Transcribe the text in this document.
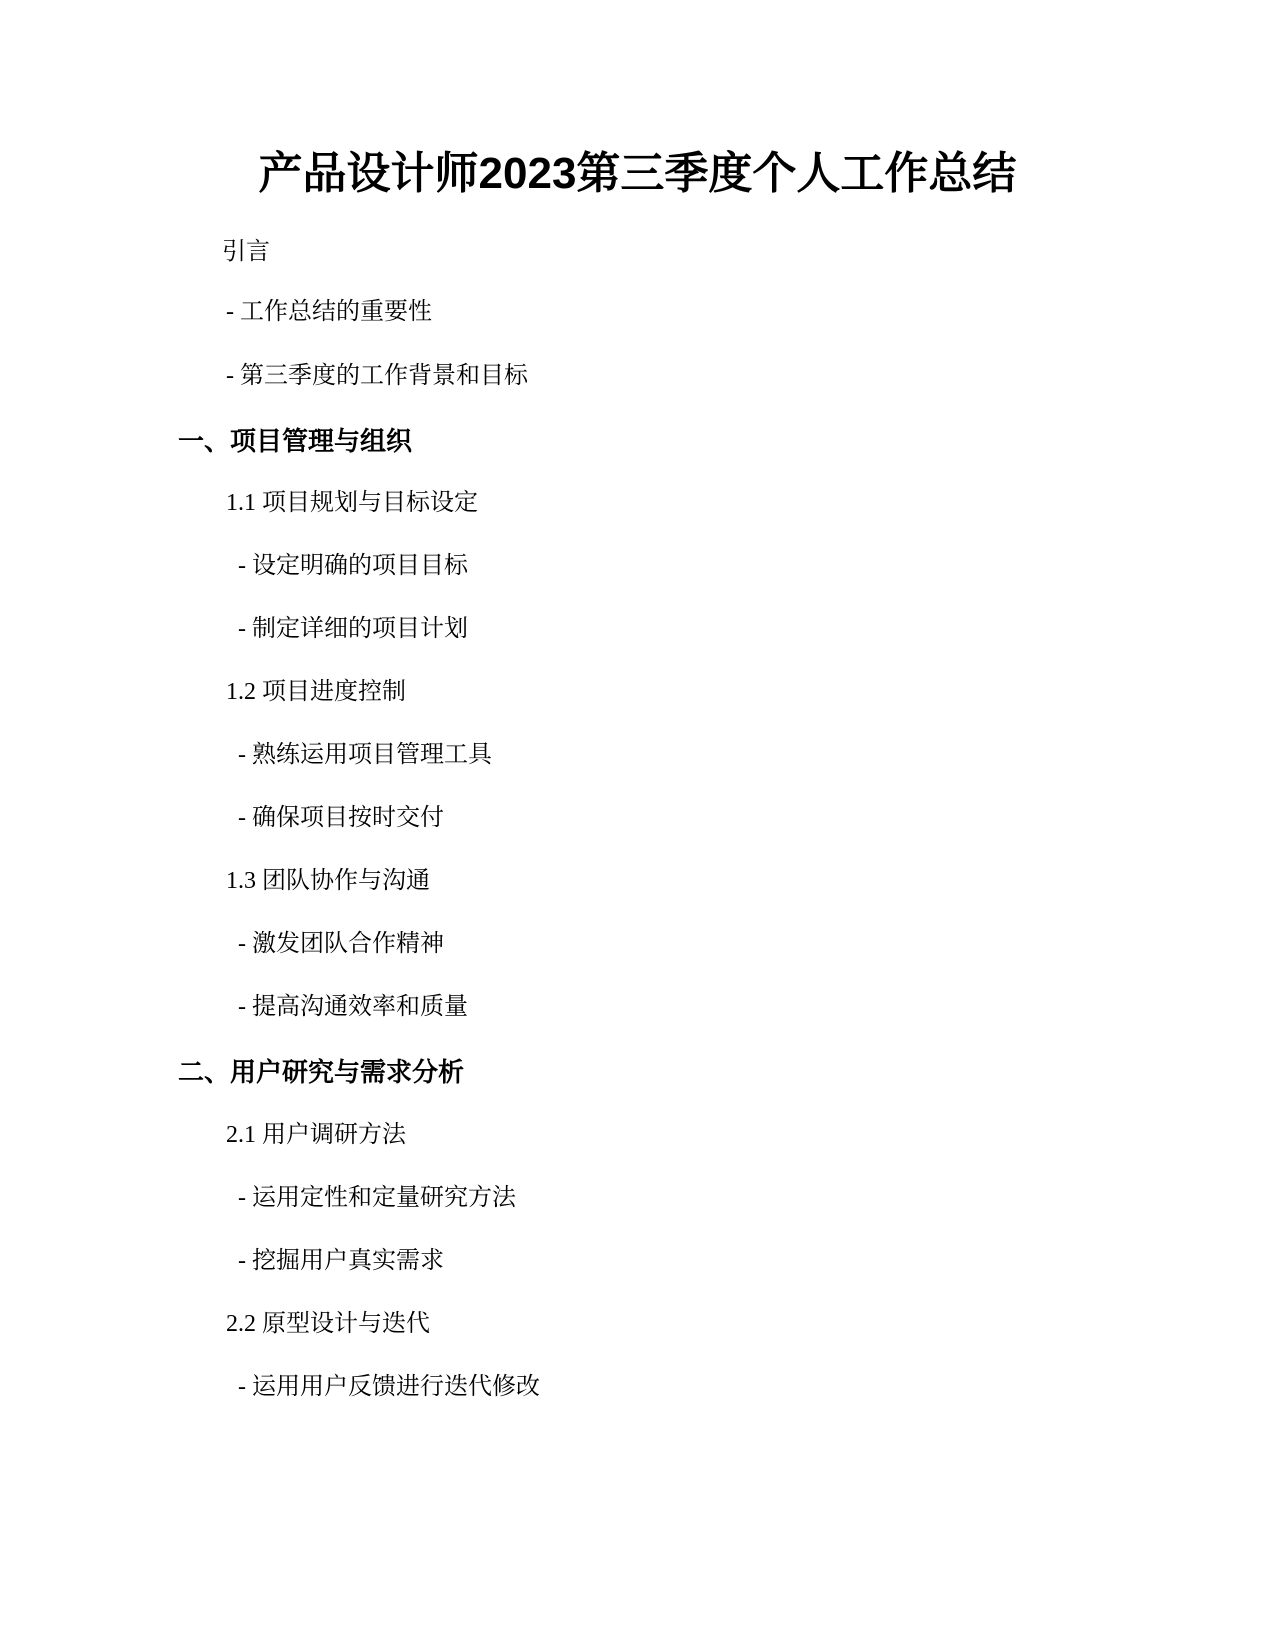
产品设计师2023第三季度个人工作总结
引言
- 工作总结的重要性
- 第三季度的工作背景和目标
一、项目管理与组织
1.1 项目规划与目标设定
- 设定明确的项目目标
- 制定详细的项目计划
1.2 项目进度控制
- 熟练运用项目管理工具
- 确保项目按时交付
1.3 团队协作与沟通
- 激发团队合作精神
- 提高沟通效率和质量
二、用户研究与需求分析
2.1 用户调研方法
- 运用定性和定量研究方法
- 挖掘用户真实需求
2.2 原型设计与迭代
- 运用用户反馈进行迭代修改
